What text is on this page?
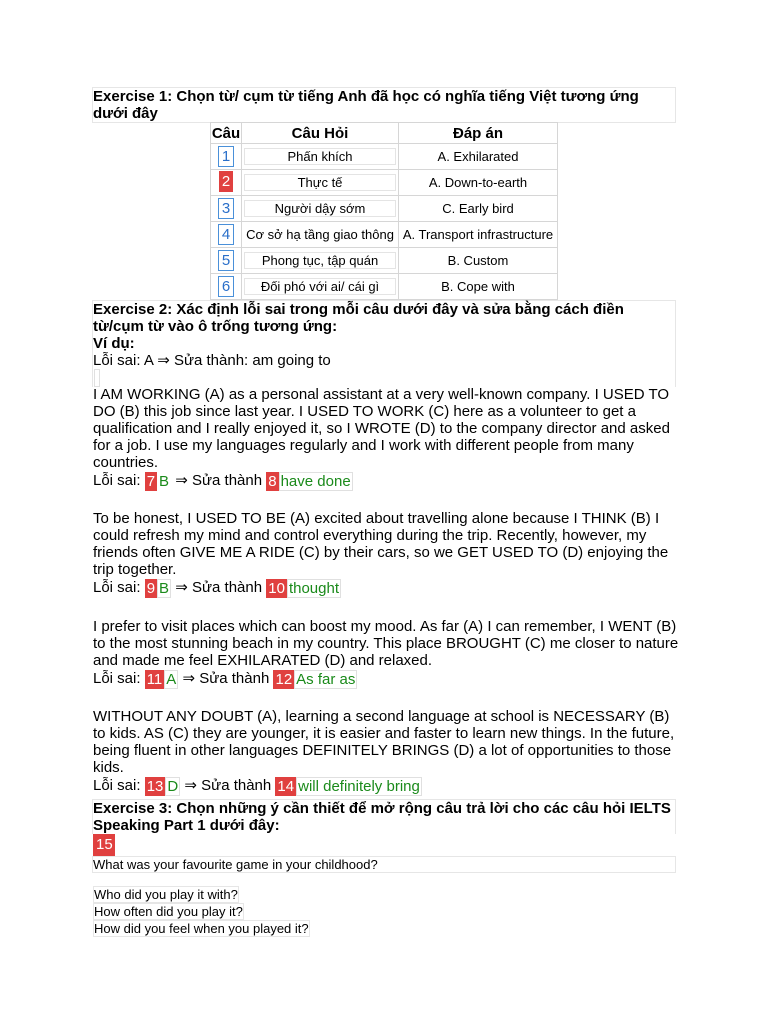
Exercise 1: Chọn từ/ cụm từ tiếng Anh đã học có nghĩa tiếng Việt tương ứng dưới đây
Câu	Câu Hỏi	Đáp án
1	Phấn khích	A. Exhilarated
2	Thực tế	A. Down-to-earth
3	Người dậy sớm	C. Early bird
4	Cơ sở hạ tầng giao thông	A. Transport infrastructure
5	Phong tục, tập quán	B. Custom
6	Đối phó với ai/ cái gì	B. Cope with
Exercise 2: Xác định lỗi sai trong mỗi câu dưới đây và sửa bằng cách điền từ/cụm từ vào ô trống tương ứng:
Ví dụ:
Lỗi sai: A ⇒ Sửa thành: am going to
I AM WORKING (A) as a personal assistant at a very well-known company. I USED TO DO (B) this job since last year. I USED TO WORK (C) here as a volunteer to get a qualification and I really enjoyed it, so I WROTE (D) to the company director and asked for a job. I use my languages regularly and I work with different people from many countries.
Lỗi sai: 7 B ⇒ Sửa thành 8 have done
To be honest, I USED TO BE (A) excited about travelling alone because I THINK (B) I could refresh my mind and control everything during the trip. Recently, however, my friends often GIVE ME A RIDE (C) by their cars, so we GET USED TO (D) enjoying the trip together.
Lỗi sai: 9 B ⇒ Sửa thành 10 thought
I prefer to visit places which can boost my mood. As far (A) I can remember, I WENT (B) to the most stunning beach in my country. This place BROUGHT (C) me closer to nature and made me feel EXHILARATED (D) and relaxed.
Lỗi sai: 11 A ⇒ Sửa thành 12 As far as
WITHOUT ANY DOUBT (A), learning a second language at school is NECESSARY (B) to kids. AS (C) they are younger, it is easier and faster to learn new things. In the future, being fluent in other languages DEFINITELY BRINGS (D) a lot of opportunities to those kids.
Lỗi sai: 13 D ⇒ Sửa thành 14 will definitely bring
Exercise 3: Chọn những ý cần thiết để mở rộng câu trả lời cho các câu hỏi IELTS Speaking Part 1 dưới đây:
15
What was your favourite game in your childhood?
Who did you play it with?
How often did you play it?
How did you feel when you played it?
